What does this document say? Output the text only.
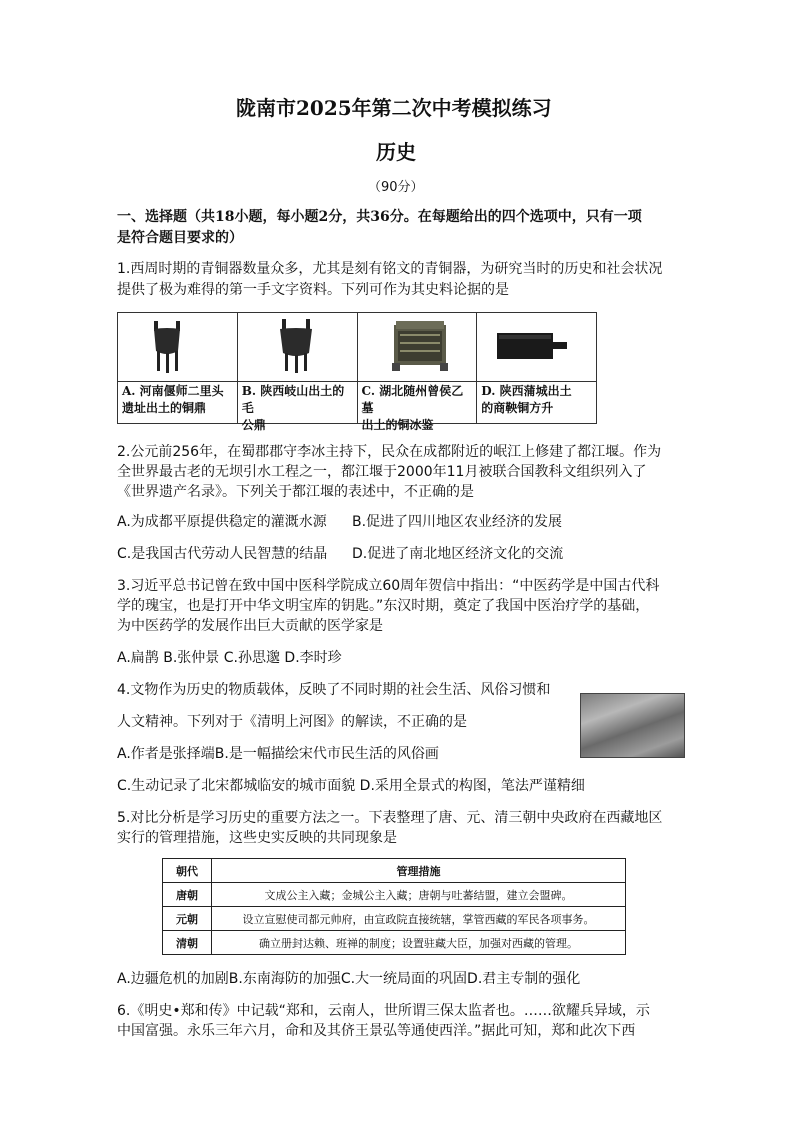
陇南市2025年第二次中考模拟练习
历史
（90分）
一、选择题（共18小题，每小题2分，共36分。在每题给出的四个选项中，只有一项
是符合题目要求的）
1.西周时期的青铜器数量众多，尤其是刻有铭文的青铜器，为研究当时的历史和社会状况
提供了极为难得的第一手文字资料。下列可作为其史料论据的是
A. 河南偃师二里头
遗址出土的铜鼎

B. 陕西岐山出土的毛
公鼎

C. 湖北随州曾侯乙墓
出土的铜冰鉴

D. 陕西蒲城出土
的商鞅铜方升
2.公元前256年，在蜀郡郡守李冰主持下，民众在成都附近的岷江上修建了都江堰。作为
全世界最古老的无坝引水工程之一，都江堰于2000年11月被联合国教科文组织列入了
《世界遗产名录》。下列关于都江堰的表述中，不正确的是
A.为成都平原提供稳定的灌溉水源 B.促进了四川地区农业经济的发展
C.是我国古代劳动人民智慧的结晶 D.促进了南北地区经济文化的交流
3.习近平总书记曾在致中国中医科学院成立60周年贺信中指出：“中医药学是中国古代科
学的瑰宝，也是打开中华文明宝库的钥匙。”东汉时期，奠定了我国中医治疗学的基础，
为中医药学的发展作出巨大贡献的医学家是
A.扁鹊 B.张仲景 C.孙思邈 D.李时珍
4.文物作为历史的物质载体，反映了不同时期的社会生活、风俗习惯和
人文精神。下列对于《清明上河图》的解读，不正确的是
A.作者是张择端B.是一幅描绘宋代市民生活的风俗画
C.生动记录了北宋都城临安的城市面貌 D.采用全景式的构图，笔法严谨精细
5.对比分析是学习历史的重要方法之一。下表整理了唐、元、清三朝中央政府在西藏地区
实行的管理措施，这些史实反映的共同现象是
朝代	管理措施
唐朝	文成公主入藏；金城公主入藏；唐朝与吐蕃结盟，建立会盟碑。
元朝	设立宣慰使司都元帅府，由宣政院直接统辖，掌管西藏的军民各项事务。
清朝	确立册封达赖、班禅的制度；设置驻藏大臣，加强对西藏的管理。
A.边疆危机的加剧B.东南海防的加强C.大一统局面的巩固D.君主专制的强化
6.《明史•郑和传》中记载“郑和，云南人，世所谓三保太监者也。……欲耀兵异域，示
中国富强。永乐三年六月，命和及其侪王景弘等通使西洋。”据此可知，郑和此次下西
